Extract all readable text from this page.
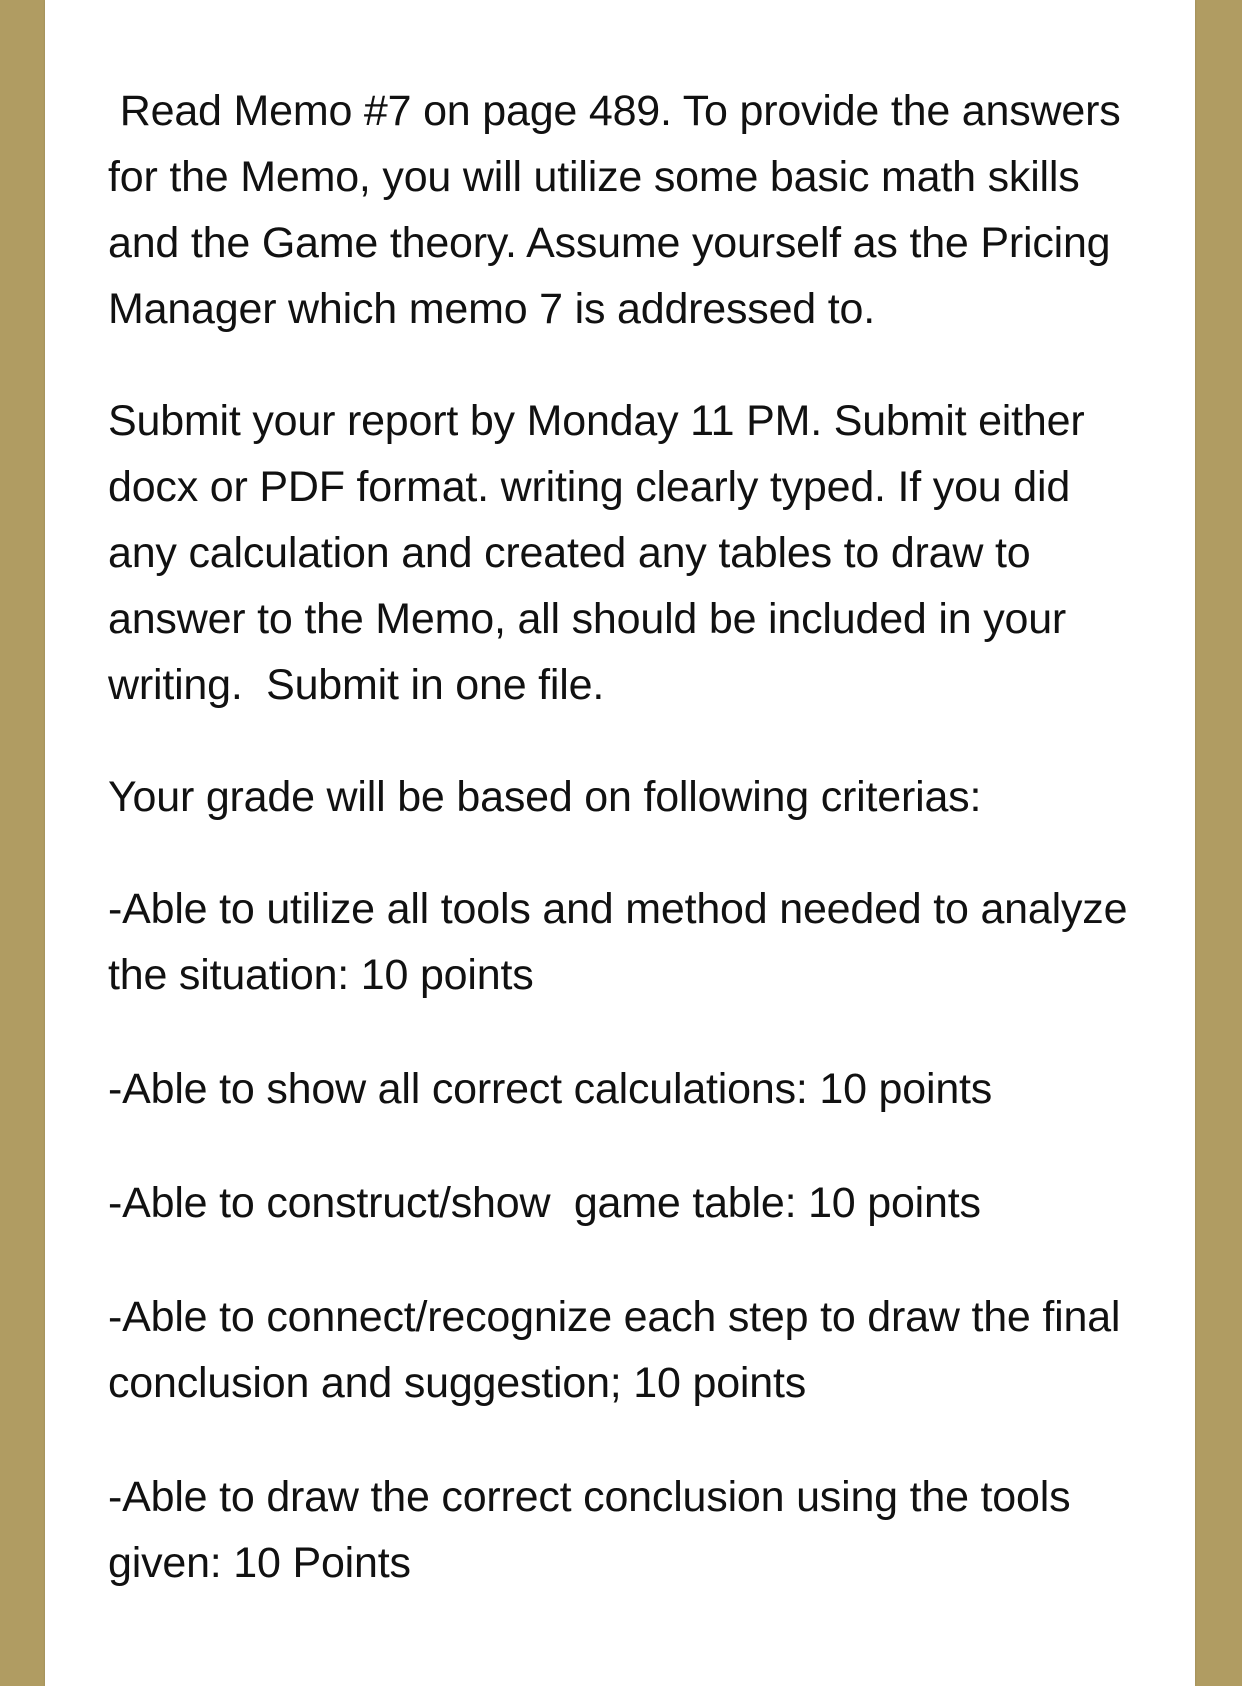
Read Memo #7 on page 489. To provide the answers for the Memo, you will utilize some basic math skills and the Game theory. Assume yourself as the Pricing Manager which memo 7 is addressed to.

Submit your report by Monday 11 PM. Submit either docx or PDF format. writing clearly typed. If you did any calculation and created any tables to draw to answer to the Memo, all should be included in your writing.  Submit in one file.

Your grade will be based on following criterias:

-Able to utilize all tools and method needed to analyze the situation: 10 points

-Able to show all correct calculations: 10 points

-Able to construct/show  game table: 10 points

-Able to connect/recognize each step to draw the final conclusion and suggestion; 10 points

-Able to draw the correct conclusion using the tools given: 10 Points
